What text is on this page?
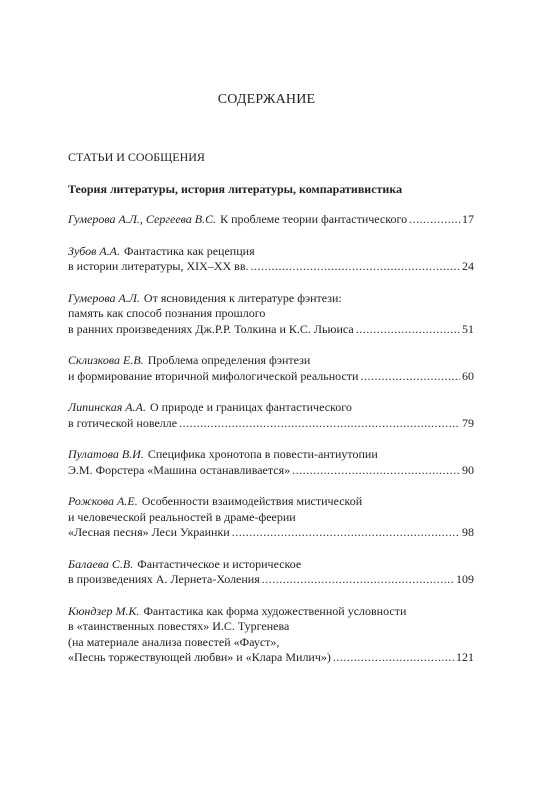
СОДЕРЖАНИЕ
СТАТЬИ И СООБЩЕНИЯ
Теория литературы, история литературы, компаративистика
Гумерова А.Л., Сергеева В.С. К проблеме теории фантастического .....	17
Зубов А.А. Фантастика как рецепция
в истории литературы, XIX–XX вв. .....	24
Гумерова А.Л. От ясновидения к литературе фэнтези:
память как способ познания прошлого
в ранних произведениях Дж.Р.Р. Толкина и К.С. Льюиса .....	51
Склизкова Е.В. Проблема определения фэнтези
и формирование вторичной мифологической реальности .....	60
Липинская А.А. О природе и границах фантастического
в готической новелле .....	79
Пулатова В.И. Специфика хронотопа в повести-антиутопии
Э.М. Форстера «Машина останавливается» .....	90
Рожкова А.Е. Особенности взаимодействия мистической
и человеческой реальностей в драме-феерии
«Лесная песня» Леси Украинки .....	98
Балаева С.В. Фантастическое и историческое
в произведениях А. Лернета-Холения .....	109
Кюндзер М.К. Фантастика как форма художественной условности
в «таинственных повестях» И.С. Тургенева
(на материале анализа повестей «Фауст»,
«Песнь торжествующей любви» и «Клара Милич») .....	121
